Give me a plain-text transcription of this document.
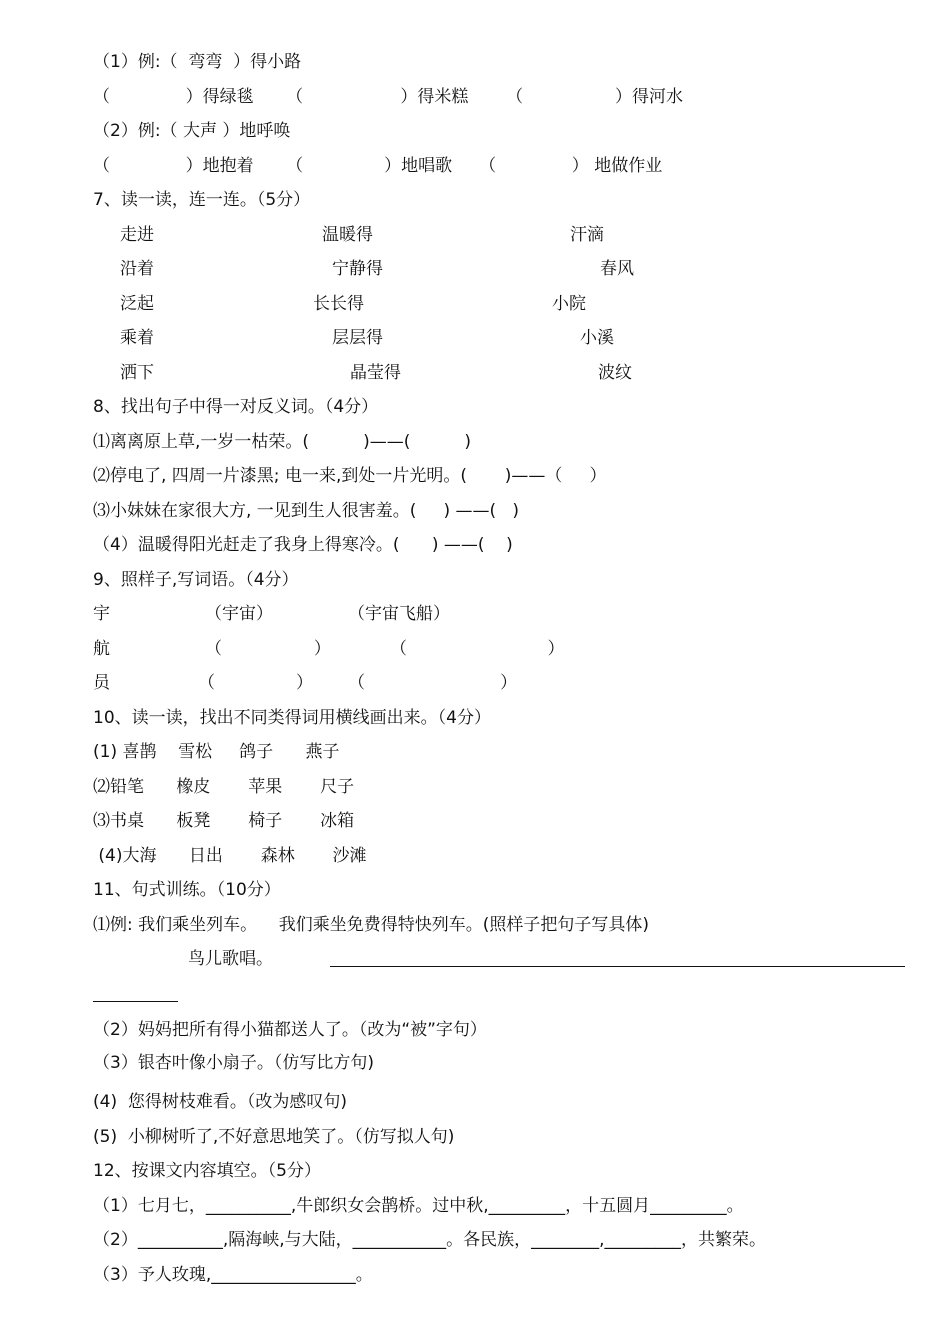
（1）例:（  弯弯  ）得小路
（              ）得绿毯      （                  ）得米糕       （                 ）得河水
（2）例:（ 大声 ）地呼唤
（              ）地抱着      （               ）地唱歌     （              ） 地做作业
7、读一读，连一连。（5分）
走进	温暖得	汗滴
沿着	宁静得	春风
泛起	长长得	小院
乘着	层层得	小溪
洒下	晶莹得	波纹
8、找出句子中得一对反义词。（4分）
⑴离离原上草,一岁一枯荣。(          )——(          )
⑵停电了, 四周一片漆黑; 电一来,到处一片光明。(       )——（     ）
⑶小妹妹在家很大方, 一见到生人很害羞。(     ) ——(   )
（4）温暖得阳光赶走了我身上得寒冷。(      ) ——(    )
9、照样子,写词语。（4分）
宇	（宇宙）	（宇宙飞船）
航	（                 ）	（                          ）
员	（               ） （                         ）
10、读一读，找出不同类得词用横线画出来。（4分）
(1) 喜鹊    雪松     鸽子      燕子
⑵铅笔      橡皮       苹果       尺子
⑶书桌      板凳       椅子       冰箱
(4)大海      日出       森林       沙滩
11、句式训练。（10分）
⑴例: 我们乘坐列车。    我们乘坐免费得特快列车。(照样子把句子写具体)
鸟儿歌唱。
（2）妈妈把所有得小猫都送人了。（改为“被”字句）
（3）银杏叶像小扇子。（仿写比方句)
(4)  您得树枝难看。（改为感叹句)
(5)  小柳树听了,不好意思地笑了。（仿写拟人句)
12、按课文内容填空。（5分）
（1）七月七，__________,牛郎织女会鹊桥。过中秋,_________，十五圆月_________。
（2）__________,隔海峡,与大陆，___________。各民族，________,_________，共繁荣。
（3）予人玫瑰,_________________。
